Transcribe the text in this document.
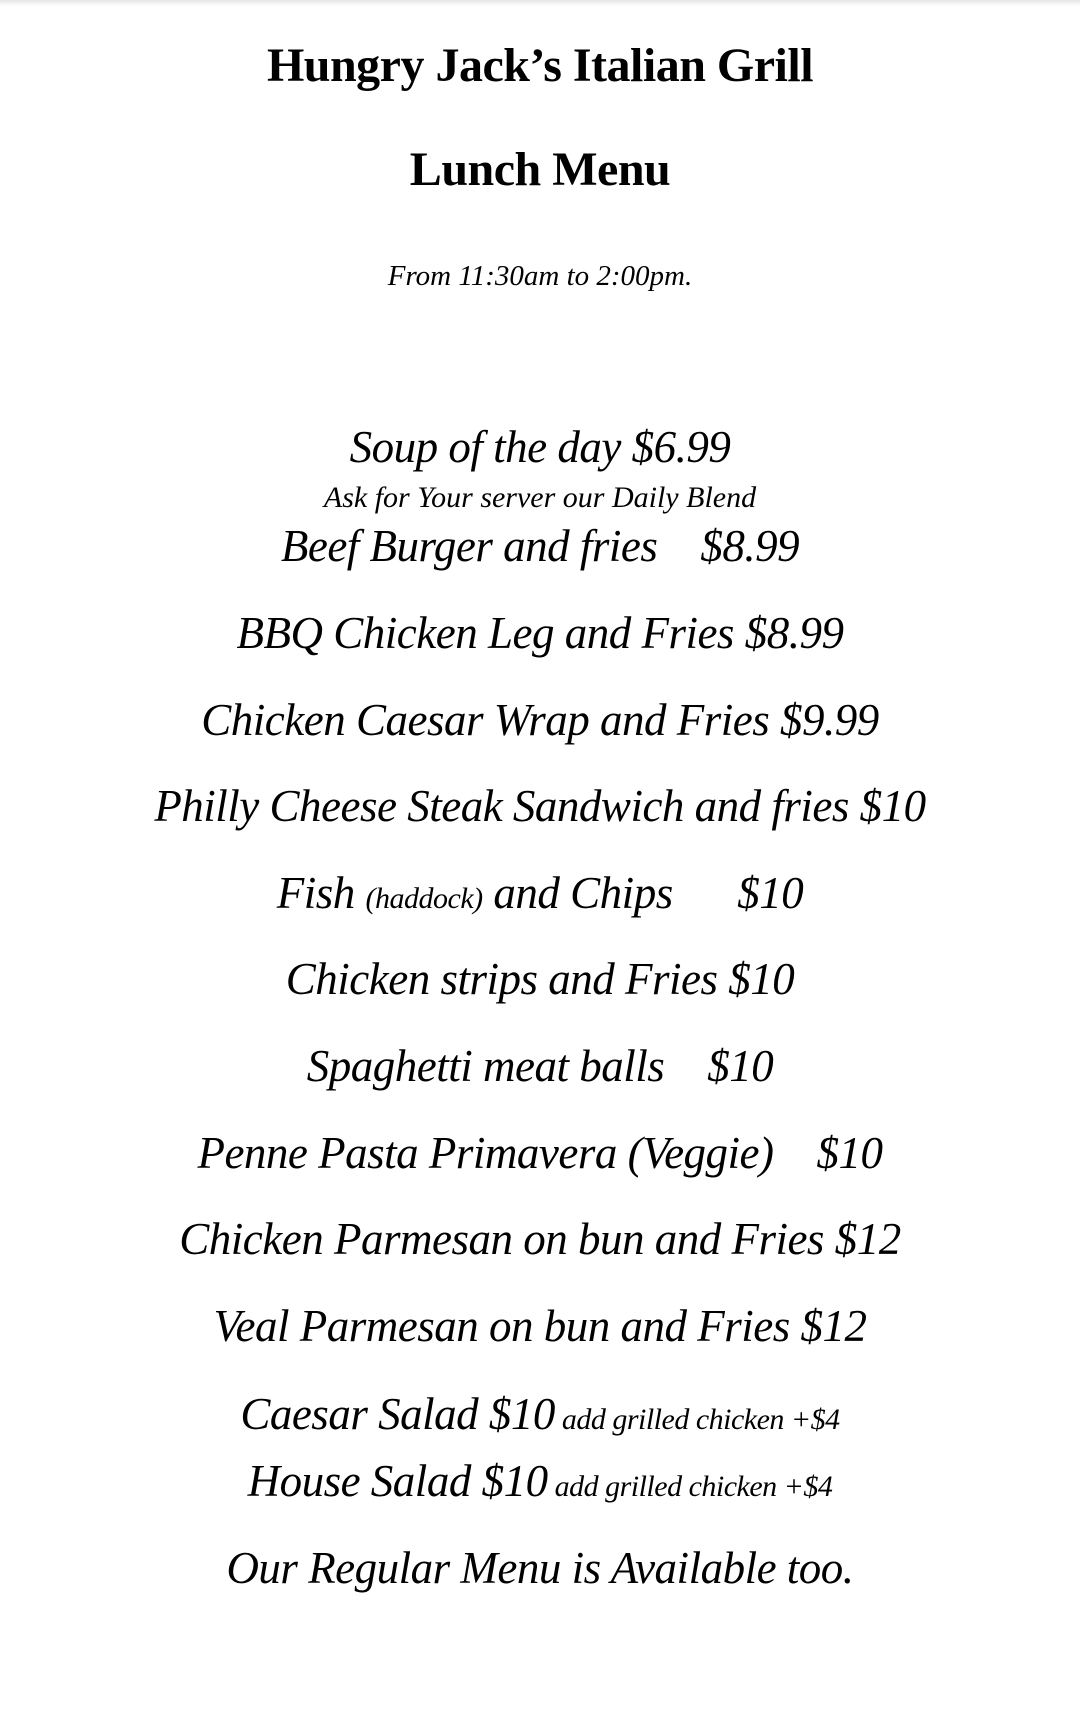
Hungry Jack’s Italian Grill
Lunch Menu
From 11:30am to 2:00pm.
Soup of the day $6.99
Ask for Your server our Daily Blend
Beef Burger and fries    $8.99
BBQ Chicken Leg and Fries $8.99
Chicken Caesar Wrap and Fries $9.99
Philly Cheese Steak Sandwich and fries $10
Fish (haddock) and Chips      $10
Chicken strips and Fries $10
Spaghetti meat balls    $10
Penne Pasta Primavera (Veggie)    $10
Chicken Parmesan on bun and Fries $12
Veal Parmesan on bun and Fries $12
Caesar Salad $10 add grilled chicken +$4
House Salad $10 add grilled chicken +$4
Our Regular Menu is Available too.
